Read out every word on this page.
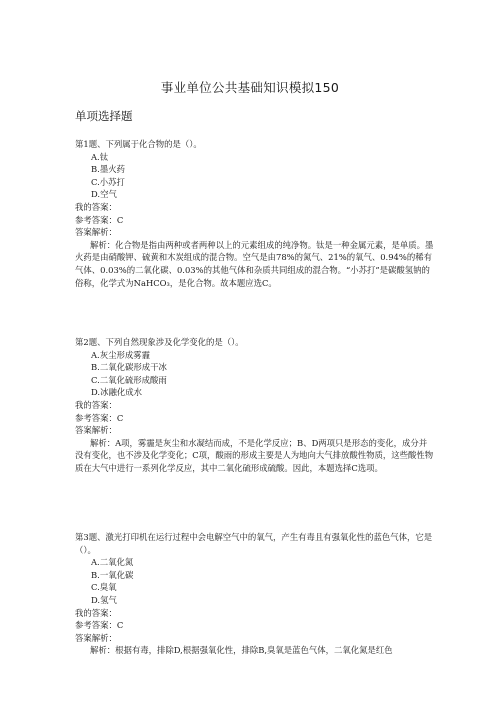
事业单位公共基础知识模拟150
单项选择题

第1题、下列属于化合物的是（）。

A.钛
B.墨火药
C.小苏打
D.空气

我的答案：

参考答案：C

答案解析：

解析：化合物是指由两种或者两种以上的元素组成的纯净物。钛是一种金属元素，是单质。墨火药是由硝酸钾、硫黄和木炭组成的混合物。空气是由78%的氮气、21%的氧气、0.94%的稀有气体、0.03%的二氧化碳、0.03%的其他气体和杂质共同组成的混合物。“小苏打”是碳酸氢钠的俗称，化学式为NaHCO₃，是化合物。故本题应选C。

第2题、下列自然现象涉及化学变化的是（）。

A.灰尘形成雾霾
B.二氧化碳形成干冰
C.二氧化硫形成酸雨
D.冰融化成水

我的答案：

参考答案：C

答案解析：

解析：A项，雾霾是灰尘和水凝结而成，不是化学反应；B、D两项只是形态的变化，成分并没有变化，也不涉及化学变化；C项，酸雨的形成主要是人为地向大气排放酸性物质，这些酸性物质在大气中进行一系列化学反应，其中二氧化硫形成硫酸。因此，本题选择C选项。

第3题、激光打印机在运行过程中会电解空气中的氧气，产生有毒且有强氧化性的蓝色气体，它是（）。

A.二氧化氮
B.一氧化碳
C.臭氧
D.氢气

我的答案：

参考答案：C

答案解析：

解析：根据有毒，排除D,根据强氧化性，排除B,臭氧是蓝色气体，二氧化氮是红色
